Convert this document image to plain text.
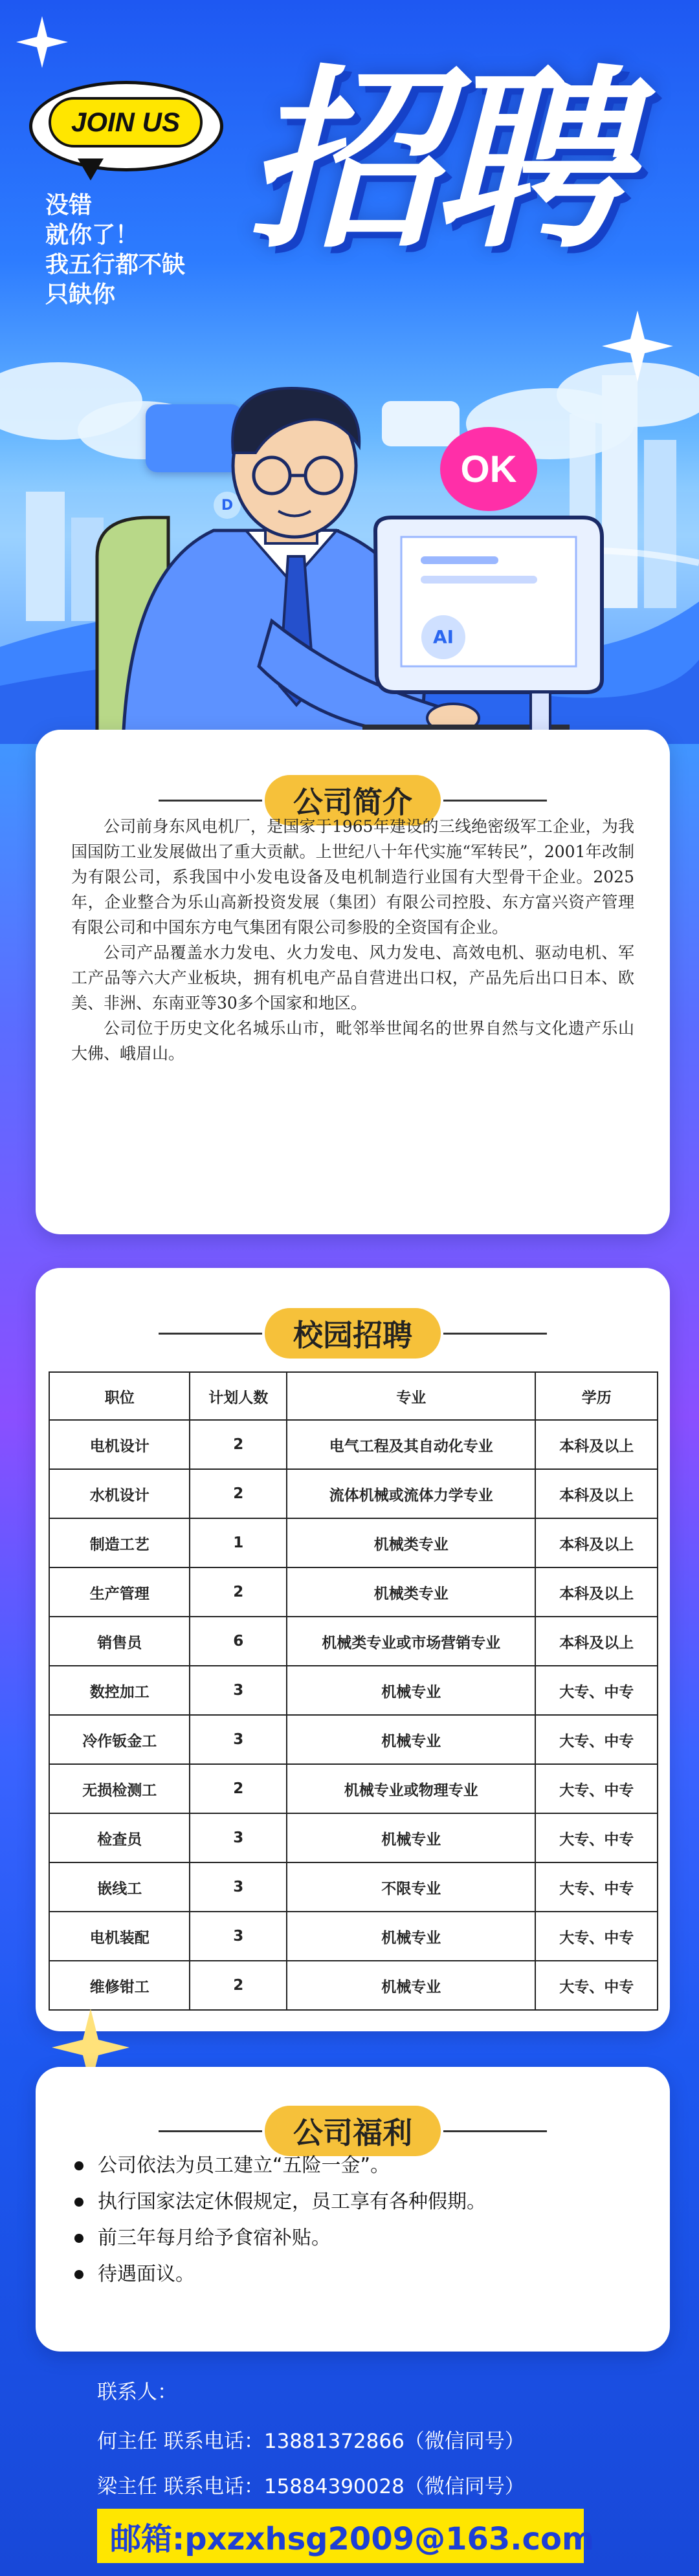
JOIN US
没错
就你了！
我五行都不缺
只缺你
招聘
OK
D
AI
公司简介

公司前身东风电机厂，是国家于1965年建设的三线绝密级军工企业，为我国国防工业发展做出了重大贡献。上世纪八十年代实施“军转民”，2001年改制为有限公司，系我国中小发电设备及电机制造行业国有大型骨干企业。2025年，企业整合为乐山高新投资发展（集团）有限公司控股、东方富兴资产管理有限公司和中国东方电气集团有限公司参股的全资国有企业。

公司产品覆盖水力发电、火力发电、风力发电、高效电机、驱动电机、军工产品等六大产业板块，拥有机电产品自营进出口权，产品先后出口日本、欧美、非洲、东南亚等30多个国家和地区。

公司位于历史文化名城乐山市，毗邻举世闻名的世界自然与文化遗产乐山大佛、峨眉山。

校园招聘
职位	计划人数	专业	学历
电机设计	2	电气工程及其自动化专业	本科及以上
水机设计	2	流体机械或流体力学专业	本科及以上
制造工艺	1	机械类专业	本科及以上
生产管理	2	机械类专业	本科及以上
销售员	6	机械类专业或市场营销专业	本科及以上
数控加工	3	机械专业	大专、中专
冷作钣金工	3	机械专业	大专、中专
无损检测工	2	机械专业或物理专业	大专、中专
检查员	3	机械专业	大专、中专
嵌线工	3	不限专业	大专、中专
电机装配	3	机械专业	大专、中专
维修钳工	2	机械专业	大专、中专
公司福利
公司依法为员工建立“五险一金”。
执行国家法定休假规定，员工享有各种假期。
前三年每月给予食宿补贴。
待遇面议。
联系人：
何主任 联系电话：13881372866（微信同号）
梁主任 联系电话：15884390028（微信同号）
邮箱:pxzxhsg2009@163.com
